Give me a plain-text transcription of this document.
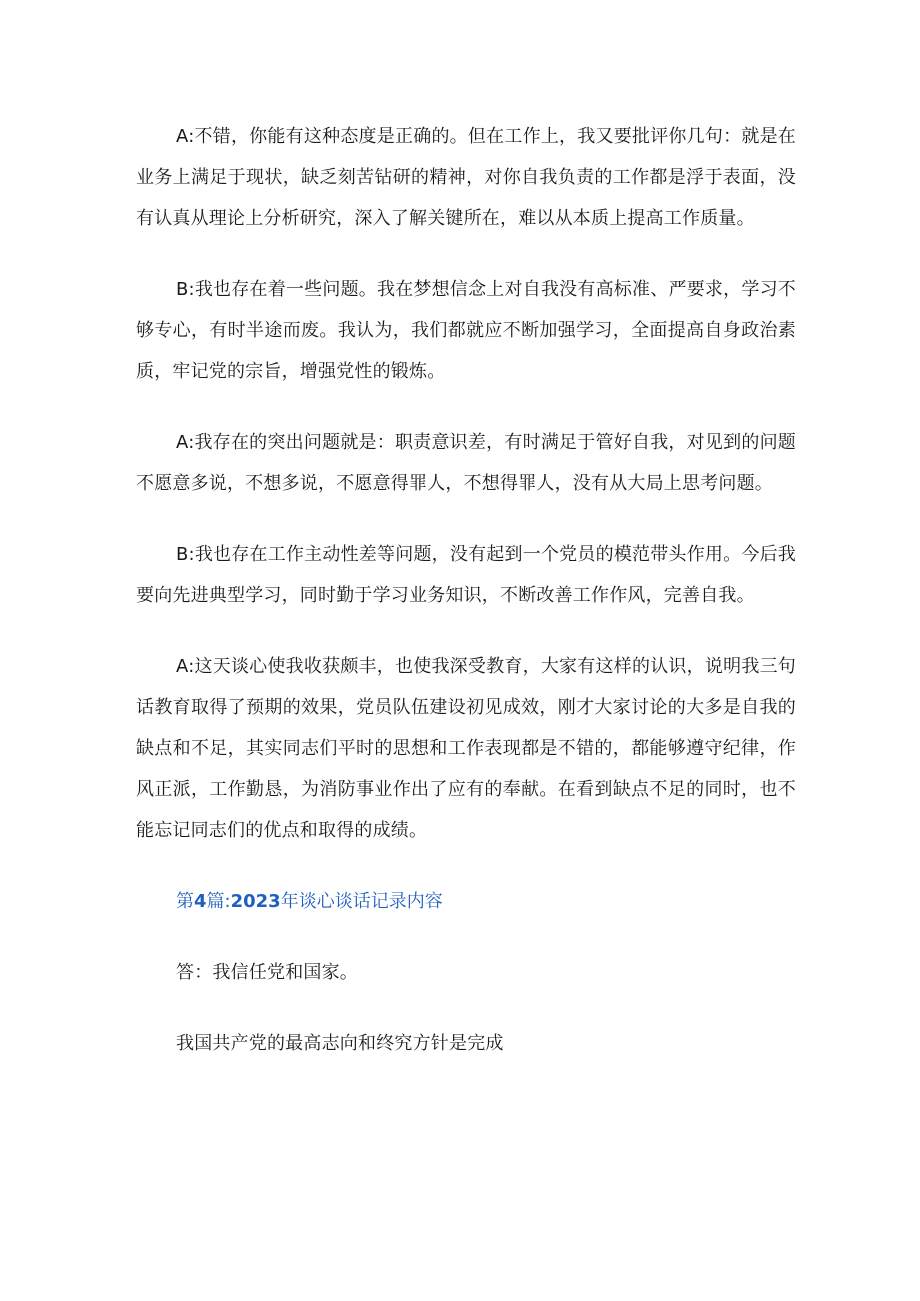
A:不错，你能有这种态度是正确的。但在工作上，我又要批评你几句：就是在业务上满足于现状，缺乏刻苦钻研的精神，对你自我负责的工作都是浮于表面，没有认真从理论上分析研究，深入了解关键所在，难以从本质上提高工作质量。

B:我也存在着一些问题。我在梦想信念上对自我没有高标准、严要求，学习不够专心，有时半途而废。我认为，我们都就应不断加强学习，全面提高自身政治素质，牢记党的宗旨，增强党性的锻炼。

A:我存在的突出问题就是：职责意识差，有时满足于管好自我，对见到的问题不愿意多说，不想多说，不愿意得罪人，不想得罪人，没有从大局上思考问题。

B:我也存在工作主动性差等问题，没有起到一个党员的模范带头作用。今后我要向先进典型学习，同时勤于学习业务知识，不断改善工作作风，完善自我。

A:这天谈心使我收获颇丰，也使我深受教育，大家有这样的认识，说明我三句话教育取得了预期的效果，党员队伍建设初见成效，刚才大家讨论的大多是自我的缺点和不足，其实同志们平时的思想和工作表现都是不错的，都能够遵守纪律，作风正派，工作勤恳，为消防事业作出了应有的奉献。在看到缺点不足的同时，也不能忘记同志们的优点和取得的成绩。

第4篇:2023年谈心谈话记录内容

答：我信任党和国家。

我国共产党的最高志向和终究方针是完成
